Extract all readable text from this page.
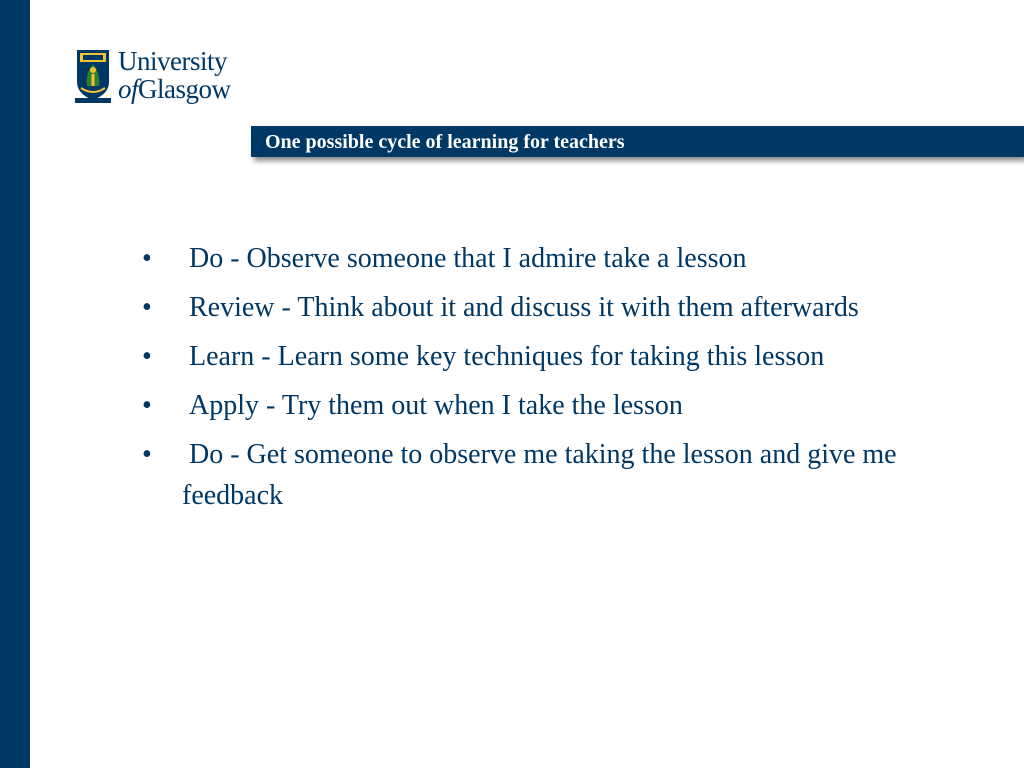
University
ofGlasgow
One possible cycle of learning for teachers
• Do - Observe someone that I admire take a lesson
• Review - Think about it and discuss it with them afterwards
• Learn - Learn some key techniques for taking this lesson
• Apply - Try them out when I take the lesson
• Do - Get someone to observe me taking the lesson and give me feedback
